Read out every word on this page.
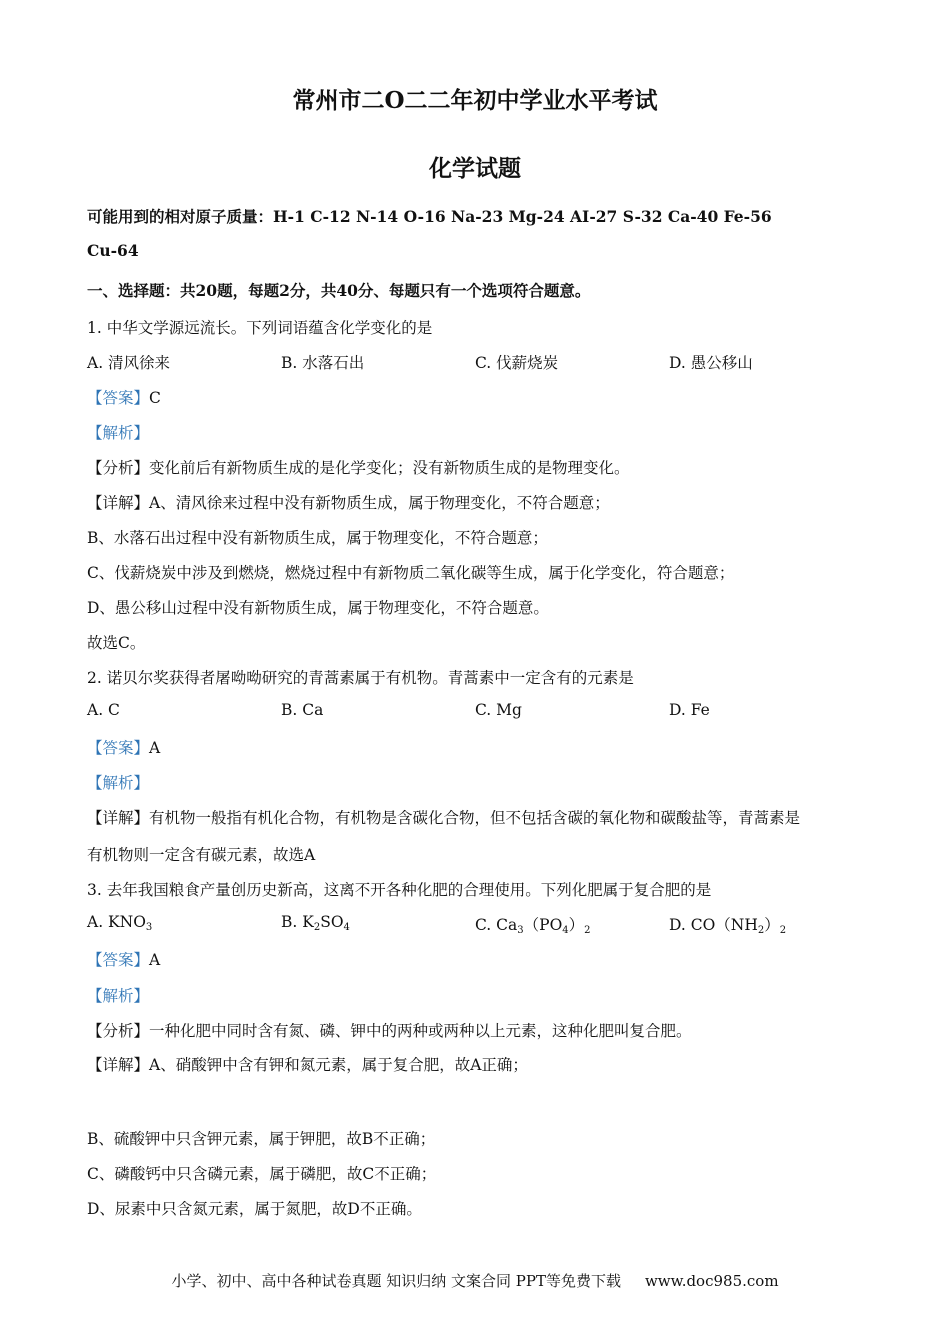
常州市二O二二年初中学业水平考试
化学试题
可能用到的相对原子质量：H-1 C-12 N-14 O-16 Na-23 Mg-24 AI-27 S-32 Ca-40 Fe-56
Cu-64
一、选择题：共20题，每题2分，共40分、每题只有一个选项符合题意。
1. 中华文学源远流长。下列词语蕴含化学变化的是
A. 清风徐来	B. 水落石出	C. 伐薪烧炭	D. 愚公移山
【答案】C
【解析】
【分析】变化前后有新物质生成的是化学变化；没有新物质生成的是物理变化。
【详解】A、清风徐来过程中没有新物质生成，属于物理变化，不符合题意；
B、水落石出过程中没有新物质生成，属于物理变化，不符合题意；
C、伐薪烧炭中涉及到燃烧，燃烧过程中有新物质二氧化碳等生成，属于化学变化，符合题意；
D、愚公移山过程中没有新物质生成，属于物理变化，不符合题意。
故选C。
2. 诺贝尔奖获得者屠呦呦研究的青蒿素属于有机物。青蒿素中一定含有的元素是
A. C	B. Ca	C. Mg	D. Fe
【答案】A
【解析】
【详解】有机物一般指有机化合物，有机物是含碳化合物，但不包括含碳的氧化物和碳酸盐等，青蒿素是
有机物则一定含有碳元素，故选A
3. 去年我国粮食产量创历史新高，这离不开各种化肥的合理使用。下列化肥属于复合肥的是
A. $KNO_3$	B. $K_2SO_4$	C. $Ca_3(PO_4)_2$	D. $CO(NH_2)_2$
【答案】A
【解析】
【分析】一种化肥中同时含有氮、磷、钾中的两种或两种以上元素，这种化肥叫复合肥。
【详解】A、硝酸钾中含有钾和氮元素，属于复合肥，故A正确；
B、硫酸钾中只含钾元素，属于钾肥，故B不正确；
C、磷酸钙中只含磷元素，属于磷肥，故C不正确；
D、尿素中只含氮元素，属于氮肥，故D不正确。
小学、初中、高中各种试卷真题 知识归纳 文案合同 PPT等免费下载 www.doc985.com
